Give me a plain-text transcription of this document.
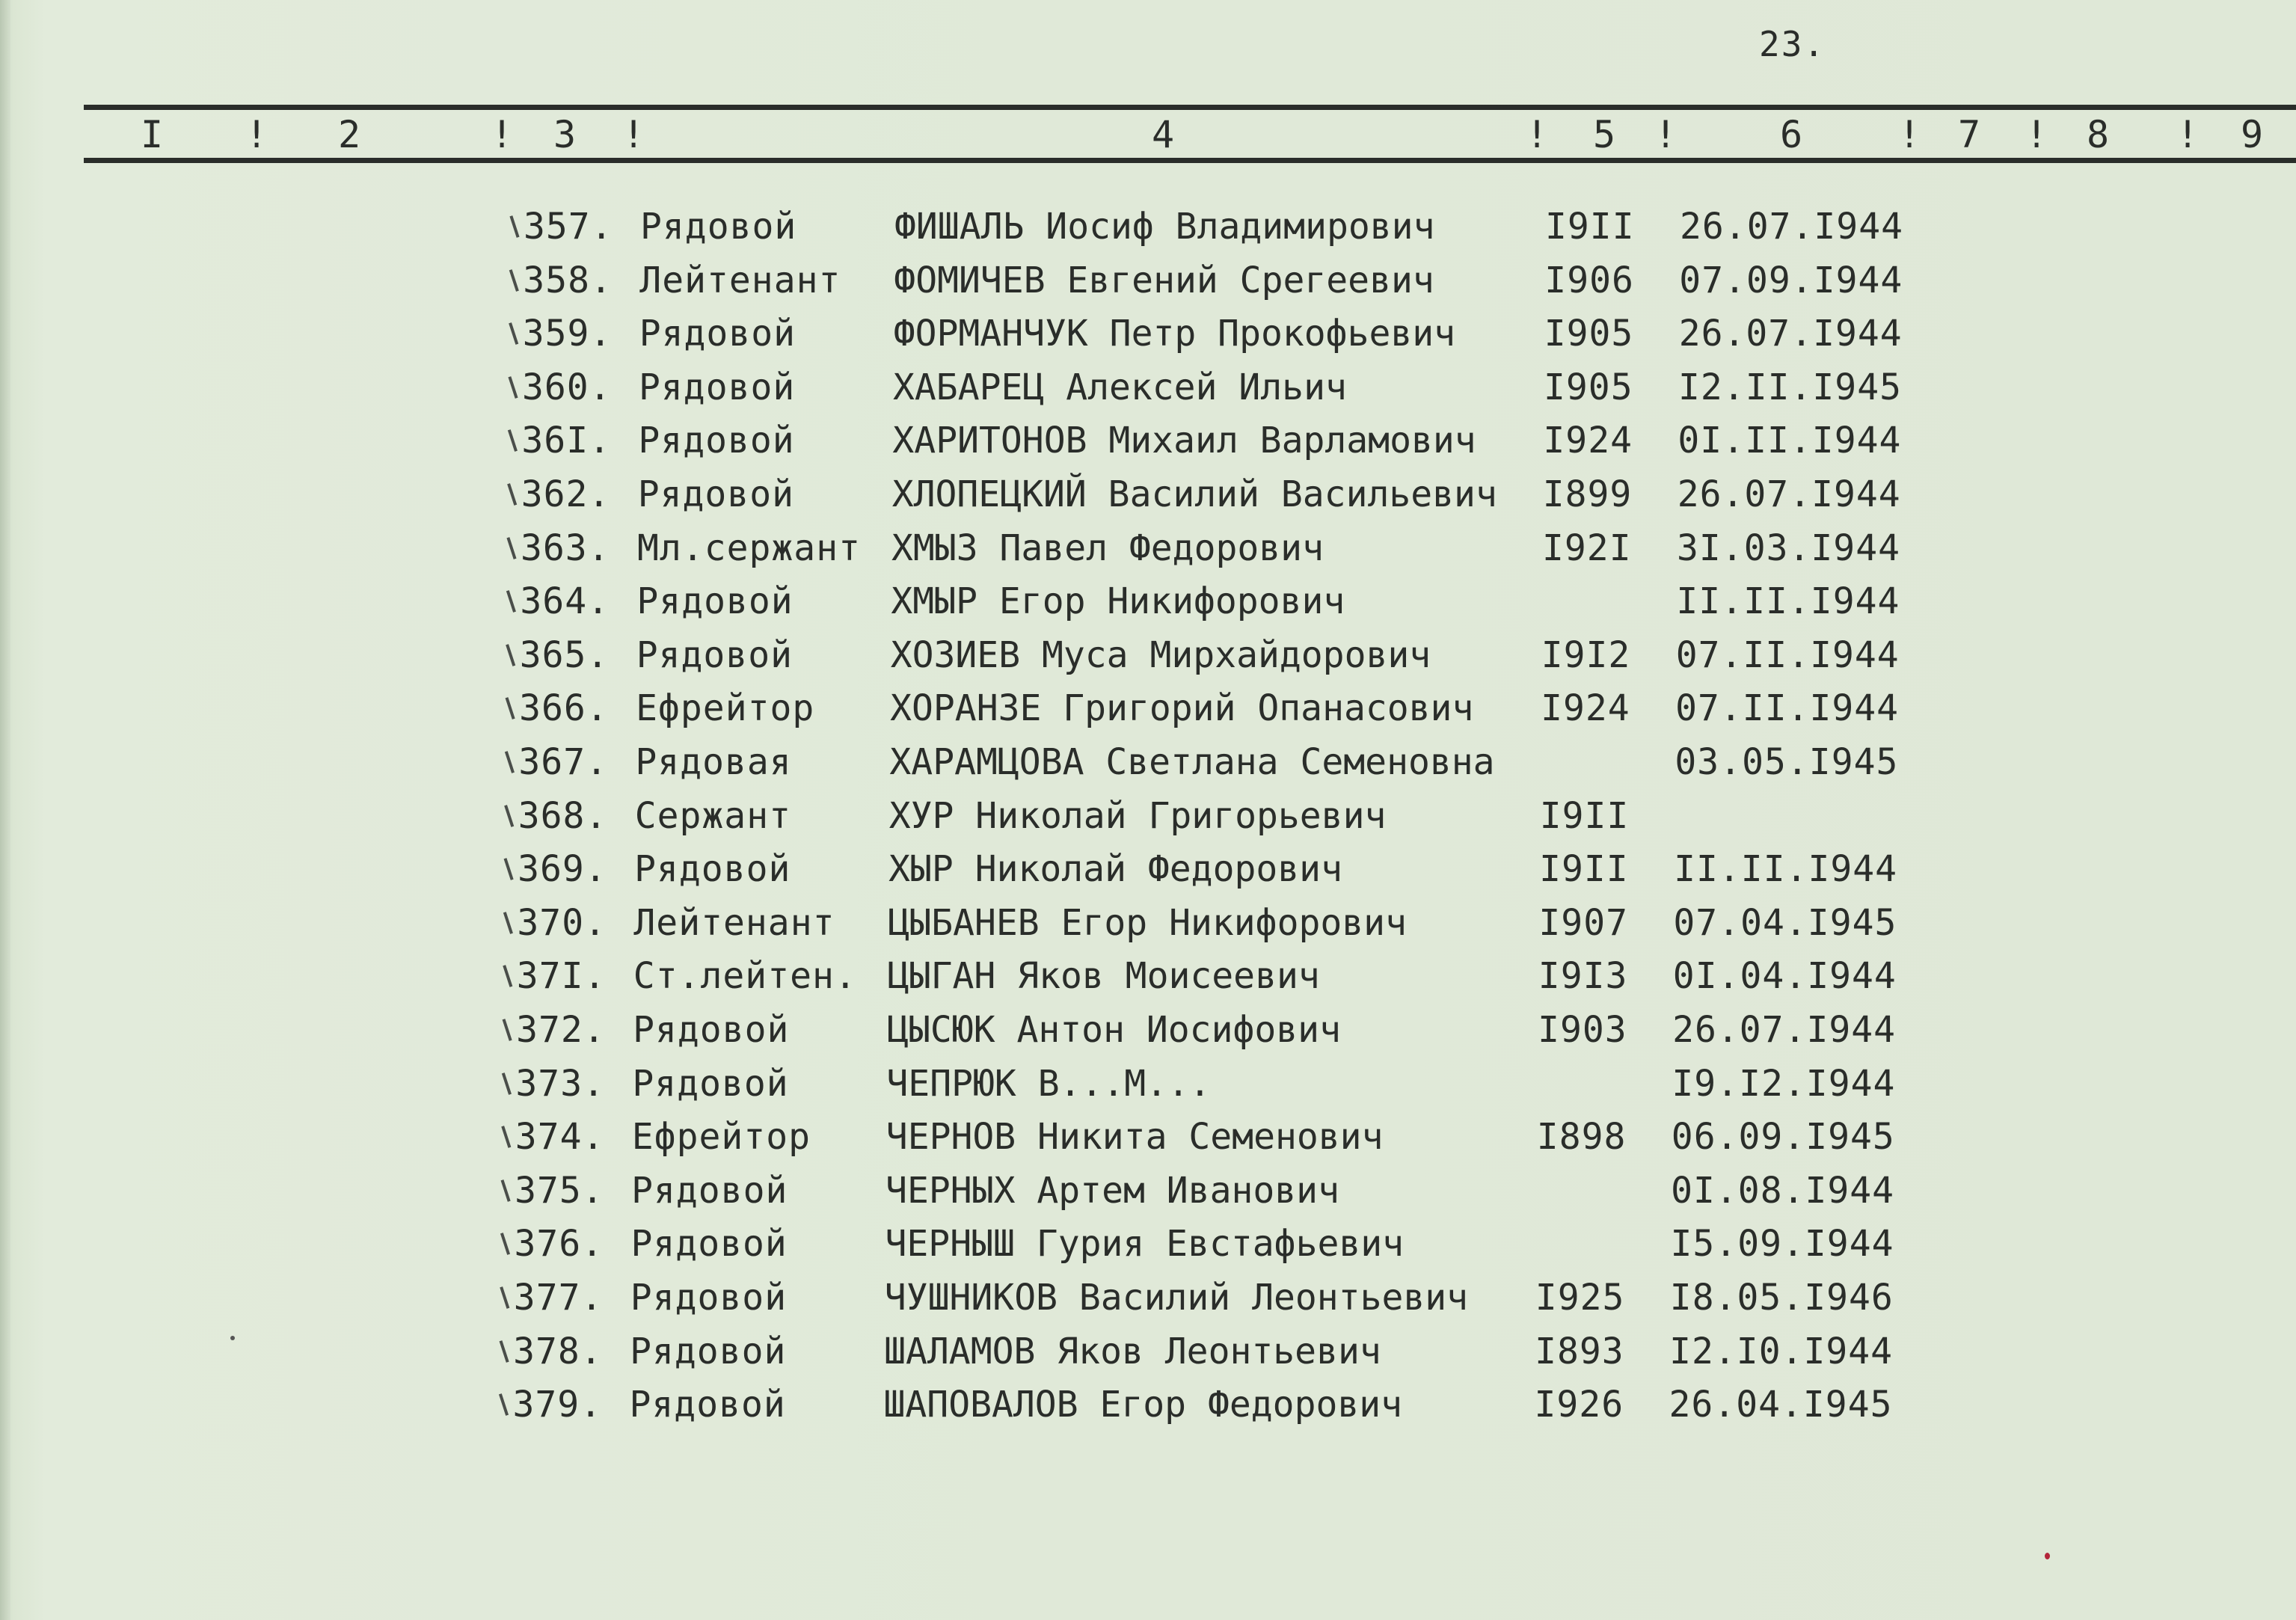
23.
I ! 2	! 3 !	4	! 5 !	6	! 7 ! 8 ! 9
357. Рядовой	ФИШАЛЬ Иосиф Владимирович	I9II 26.07.I944
358. Лейтенант ФОМИЧЕВ Евгений Срегеевич	I906 07.09.I944
359. Рядовой	ФОРМАНЧУК Петр Прокофьевич I905 26.07.I944
360. Рядовой	ХАБАРЕЦ Алексей Ильич	I905 I2.II.I945
36I. Рядовой	ХАРИТОНОВ Михаил Варламович I924 0I.II.I944
362. Рядовой	ХЛОПЕЦКИЙ Василий Васильевич I899 26.07.I944
363. Мл.сержант ХМЫЗ Павел Федорович	I92I 3I.03.I944
364. Рядовой	ХМЫР Егор Никифорович	II.II.I944
365. Рядовой	ХОЗИЕВ Муса Мирхайдорович	I9I2 07.II.I944
366. Ефрейтор ХОРАНЗЕ Григорий Опанасович I924 07.II.I944
367. Рядовая	ХАРАМЦОВА Светлана Семеновна	03.05.I945
368. Сержант	ХУР Николай Григорьевич	I9II
369. Рядовой	ХЫР Николай Федорович	I9II II.II.I944
370. Лейтенант ЦЫБАНЕВ Егор Никифорович	I907 07.04.I945
37I. Ст.лейтен. ЦЫГАН Яков Моисеевич	I9I3 0I.04.I944
372. Рядовой	ЦЫСЮК Антон Иосифович	I903 26.07.I944
373. Рядовой	ЧЕПРЮК В...М...	I9.I2.I944
374. Ефрейтор ЧЕРНОВ Никита Семенович	I898 06.09.I945
375. Рядовой	ЧЕРНЫХ Артем Иванович	0I.08.I944
376. Рядовой	ЧЕРНЫШ Гурия Евстафьевич	I5.09.I944
377. Рядовой	ЧУШНИКОВ Василий Леонтьевич I925 I8.05.I946
378. Рядовой	ШАЛАМОВ Яков Леонтьевич	I893 I2.I0.I944
379. Рядовой	ШАПОВАЛОВ Егор Федорович	I926 26.04.I945
